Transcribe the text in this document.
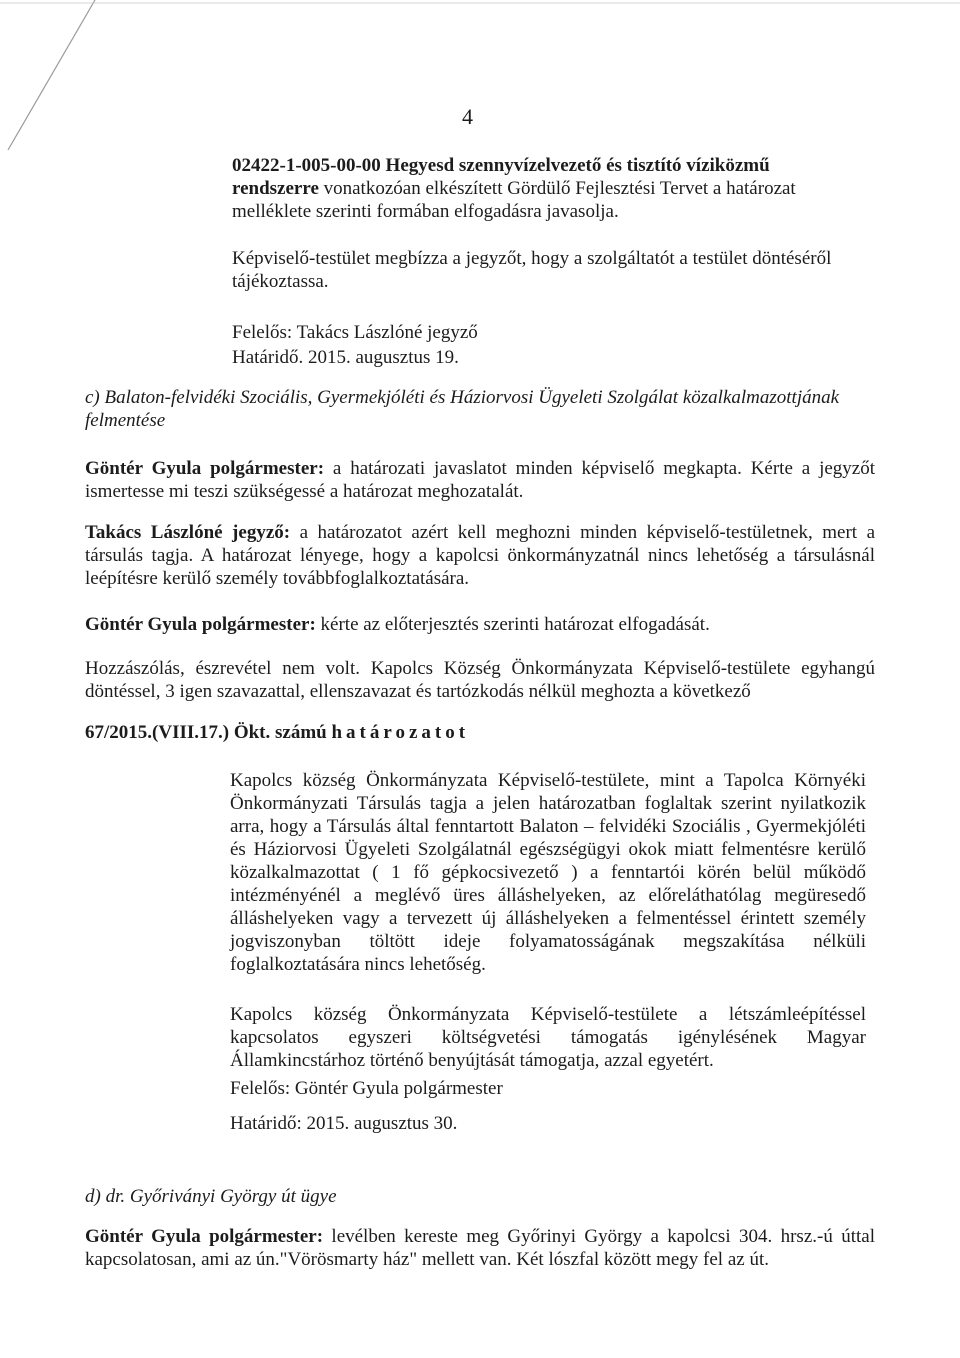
4

02422-1-005-00-00 Hegyesd szennyvízelvezető és tisztító víziközmű rendszerre vonatkozóan elkészített Gördülő Fejlesztési Tervet a határozat mellékletе szerinti formában elfogadásra javasolja.

Képviselő-testület megbízza a jegyzőt, hogy a szolgáltatót a testület döntéséről tájékoztassa.

Felelős: Takács Lászlóné jegyző
Határidő. 2015. augusztus 19.

c) Balaton-felvidéki Szociális, Gyermekjóléti és Háziorvosi Ügyeleti Szolgálat közalkalmazottjának felmentése

Göntér Gyula polgármester: a határozati javaslatot minden képviselő megkapta. Kérte a jegyzőt ismertesse mi teszi szükségessé a határozat meghozatalát.

Takács Lászlóné jegyző: a határozatot azért kell meghozni minden képviselő-testületnek, mert a társulás tagja. A határozat lényege, hogy a kapolcsi önkormányzatnál nincs lehetőség a társulásnál leépítésre kerülő személy továbbfoglalkoztatására.

Göntér Gyula polgármester: kérte az előterjesztés szerinti határozat elfogadását.

Hozzászólás, észrevétel nem volt. Kapolcs Község Önkormányzata Képviselő-testülete egyhangú döntéssel, 3 igen szavazattal, ellenszavazat és tartózkodás nélkül meghozta a következő

67/2015.(VIII.17.) Ökt. számú határozatot

Kapolcs község Önkormányzata Képviselő-testülete, mint a Tapolca Környéki Önkormányzati Társulás tagja a jelen határozatban foglaltak szerint nyilatkozik arra, hogy a Társulás által fenntartott Balaton – felvidéki Szociális , Gyermekjóléti és Háziorvosi Ügyeleti Szolgálatnál egészségügyi okok miatt felmentésre kerülő közalkalmazottat ( 1 fő gépkocsivezető ) a fenntartói körén belül működő intézményénél a meglévő üres álláshelyeken, az előreláthatólag megüresedő álláshelyeken vagy a tervezett új álláshelyeken a felmentéssel érintett személy jogviszonyban töltött ideje folyamatosságának megszakítása nélküli foglalkoztatására nincs lehetőség.

Kapolcs község Önkormányzata Képviselő-testülete a létszámleépítéssel kapcsolatos egyszeri költségvetési támogatás igénylésének Magyar Államkincstárhoz történő benyújtását támogatja, azzal egyetért.

Felelős: Göntér Gyula polgármester
Határidő: 2015. augusztus 30.

d) dr. Győriványi György út ügye

Göntér Gyula polgármester: levélben kereste meg Győrinyi György a kapolcsi 304. hrsz.-ú úttal kapcsolatosan, ami az ún."Vörösmarty ház" mellett van. Két lószfal között megy fel az út.
